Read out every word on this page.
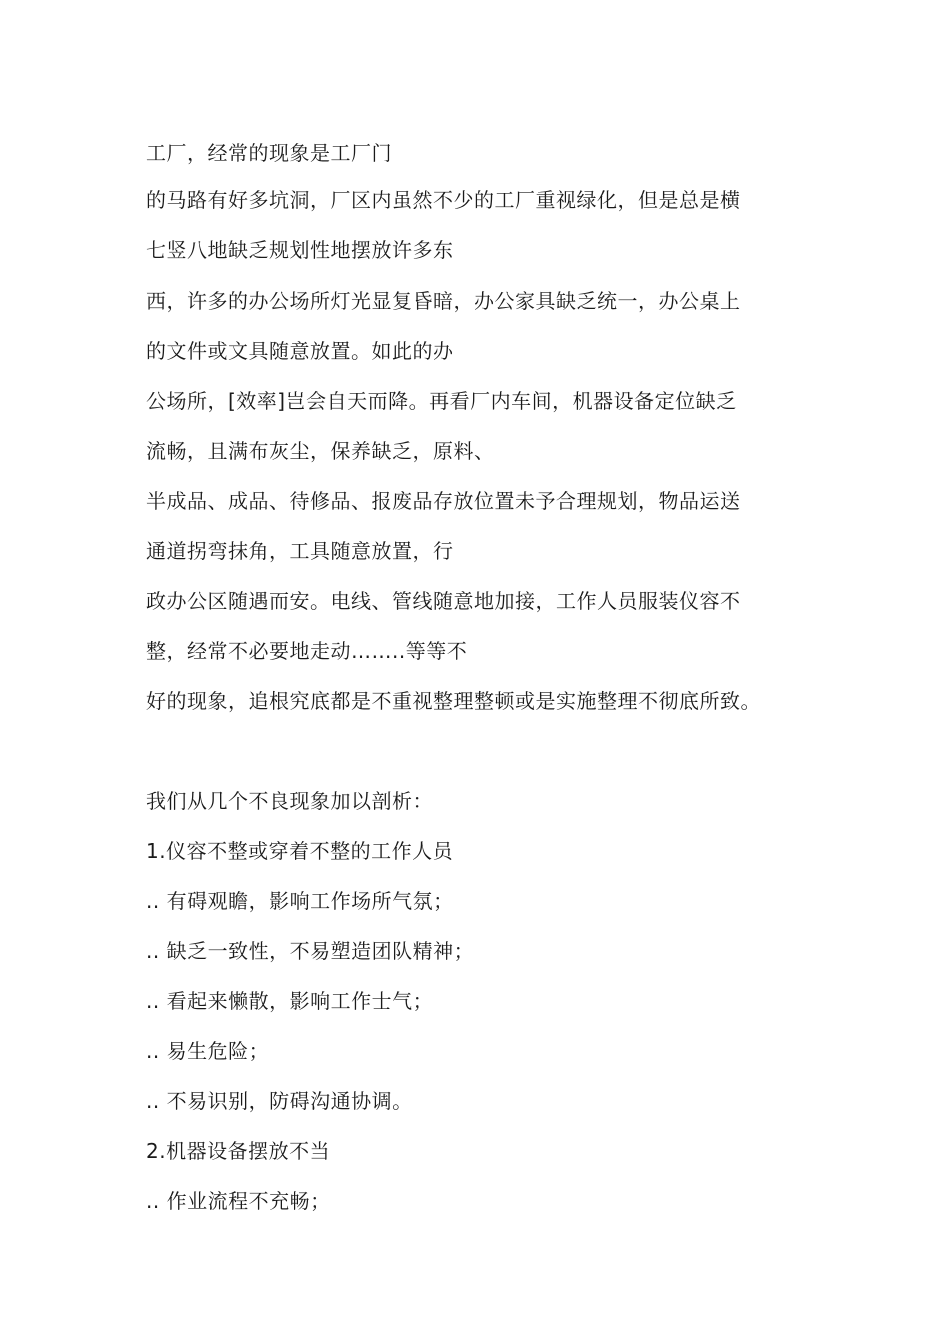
工厂，经常的现象是工厂门
的马路有好多坑洞，厂区内虽然不少的工厂重视绿化，但是总是横
七竖八地缺乏规划性地摆放许多东
西，许多的办公场所灯光显复昏暗，办公家具缺乏统一，办公桌上
的文件或文具随意放置。如此的办
公场所，[效率]岂会自天而降。再看厂内车间，机器设备定位缺乏
流畅，且满布灰尘，保养缺乏，原料、
半成品、成品、待修品、报废品存放位置未予合理规划，物品运送
通道拐弯抹角，工具随意放置，行
政办公区随遇而安。电线、管线随意地加接，工作人员服装仪容不
整，经常不必要地走动……..等等不
好的现象，追根究底都是不重视整理整顿或是实施整理不彻底所致。
我们从几个不良现象加以剖析：
1.仪容不整或穿着不整的工作人员
.. 有碍观瞻，影响工作场所气氛；
.. 缺乏一致性，不易塑造团队精神；
.. 看起来懒散，影响工作士气；
.. 易生危险；
.. 不易识别，防碍沟通协调。
2.机器设备摆放不当
.. 作业流程不充畅；
